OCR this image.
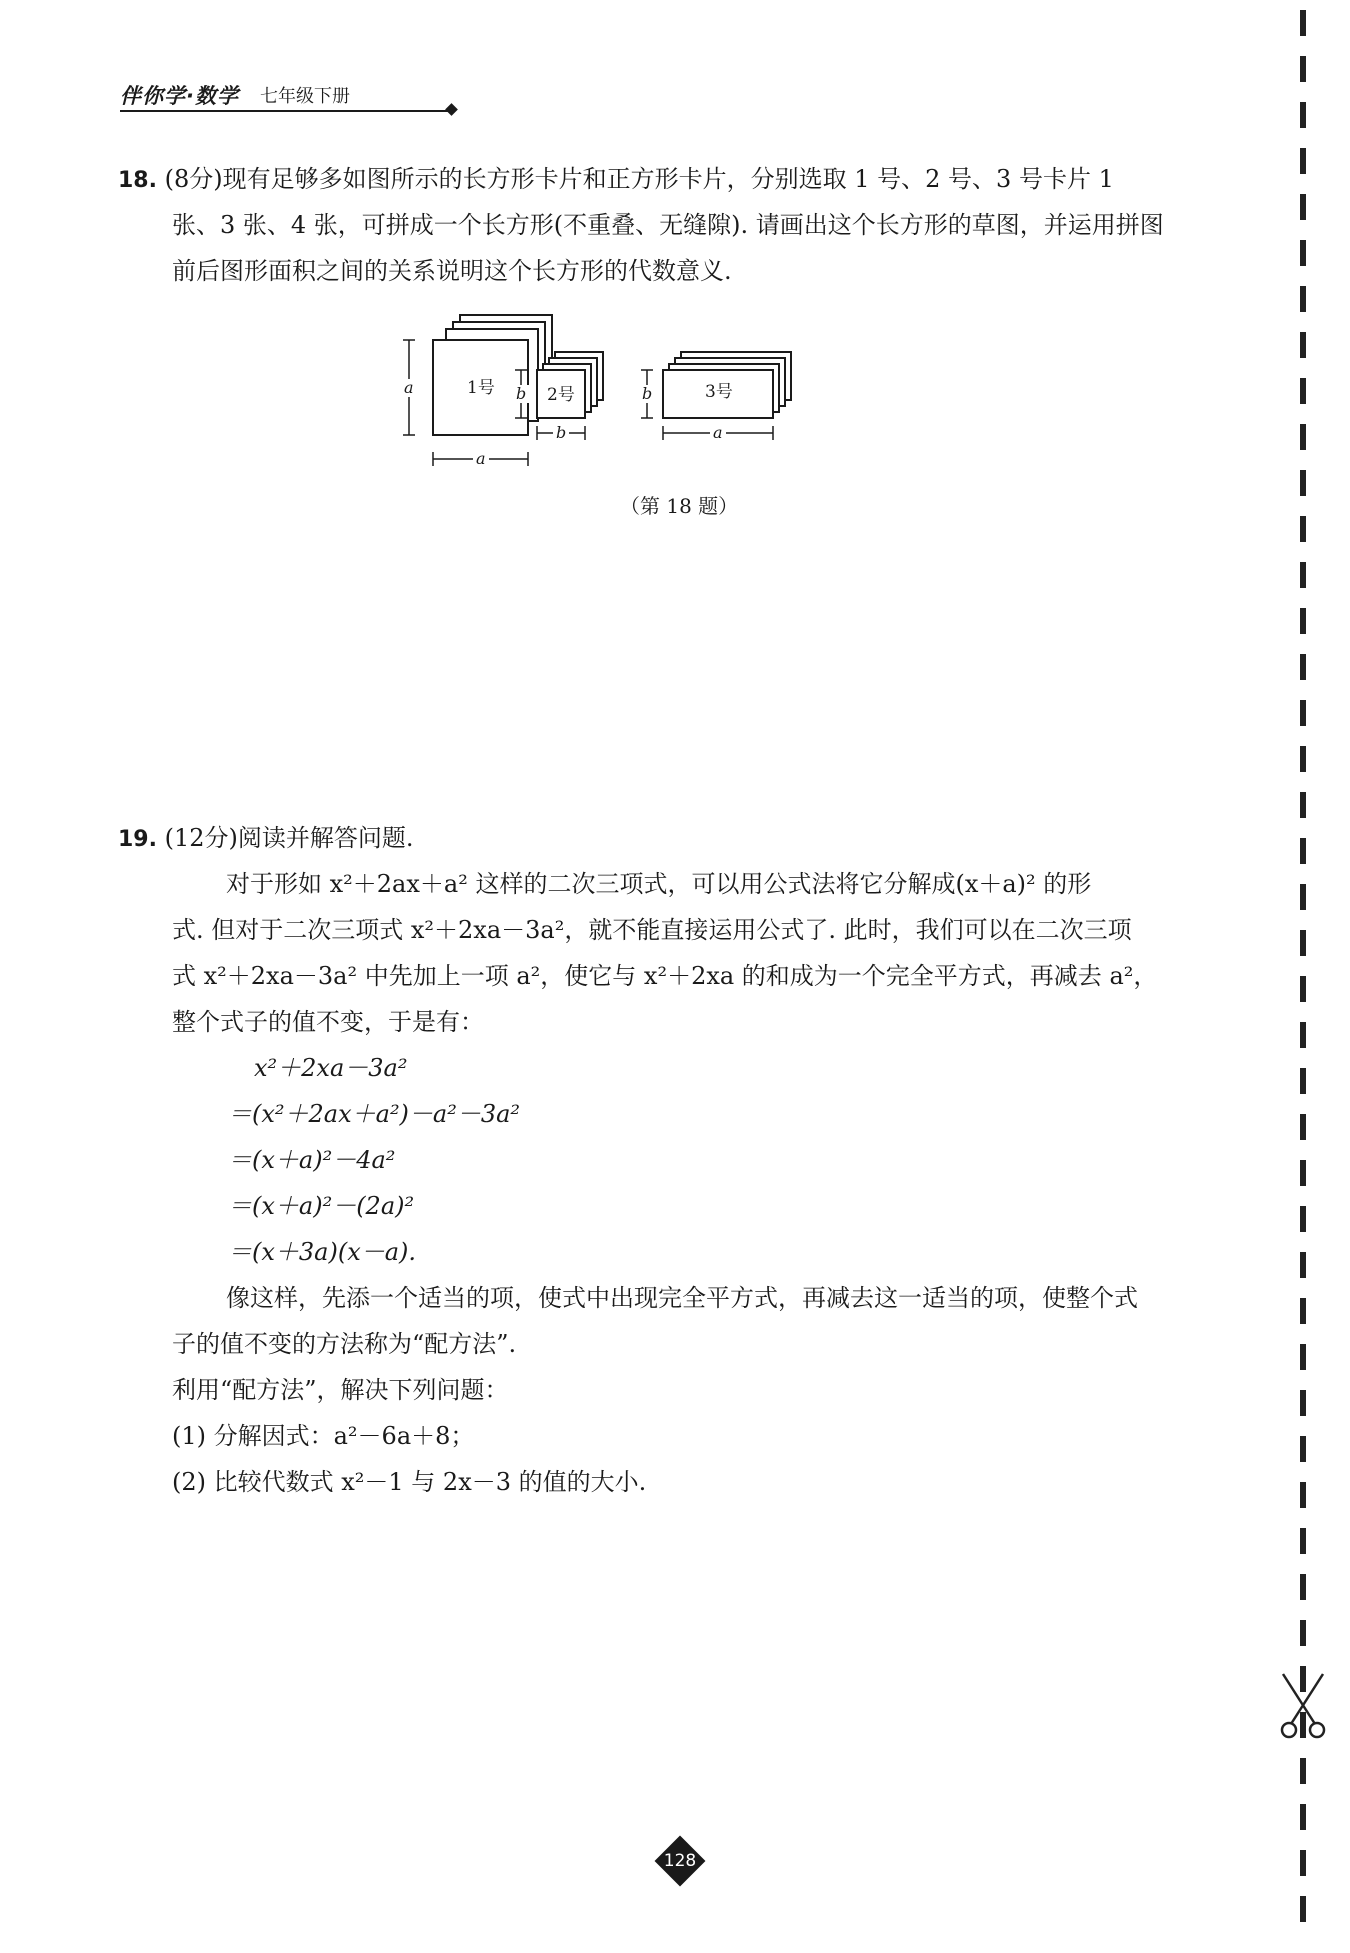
伴你学·数学 七年级下册
18. (8分)现有足够多如图所示的长方形卡片和正方形卡片，分别选取 1 号、2 号、3 号卡片 1
张、3 张、4 张，可拼成一个长方形(不重叠、无缝隙). 请画出这个长方形的草图，并运用拼图
前后图形面积之间的关系说明这个长方形的代数意义.
1号	2号	3号
a
a
b
b
b
a
（第 18 题）
19. (12分)阅读并解答问题.
对于形如 x²＋2ax＋a² 这样的二次三项式，可以用公式法将它分解成(x＋a)² 的形
式. 但对于二次三项式 x²＋2xa－3a²，就不能直接运用公式了. 此时，我们可以在二次三项
式 x²＋2xa－3a² 中先加上一项 a²，使它与 x²＋2xa 的和成为一个完全平方式，再减去 a²，
整个式子的值不变，于是有：
x²＋2xa－3a²
＝(x²＋2ax＋a²)－a²－3a²
＝(x＋a)²－4a²
＝(x＋a)²－(2a)²
＝(x＋3a)(x－a).
像这样，先添一个适当的项，使式中出现完全平方式，再减去这一适当的项，使整个式
子的值不变的方法称为“配方法”.
利用“配方法”，解决下列问题：
(1) 分解因式：a²－6a＋8；
(2) 比较代数式 x²－1 与 2x－3 的值的大小.
128
